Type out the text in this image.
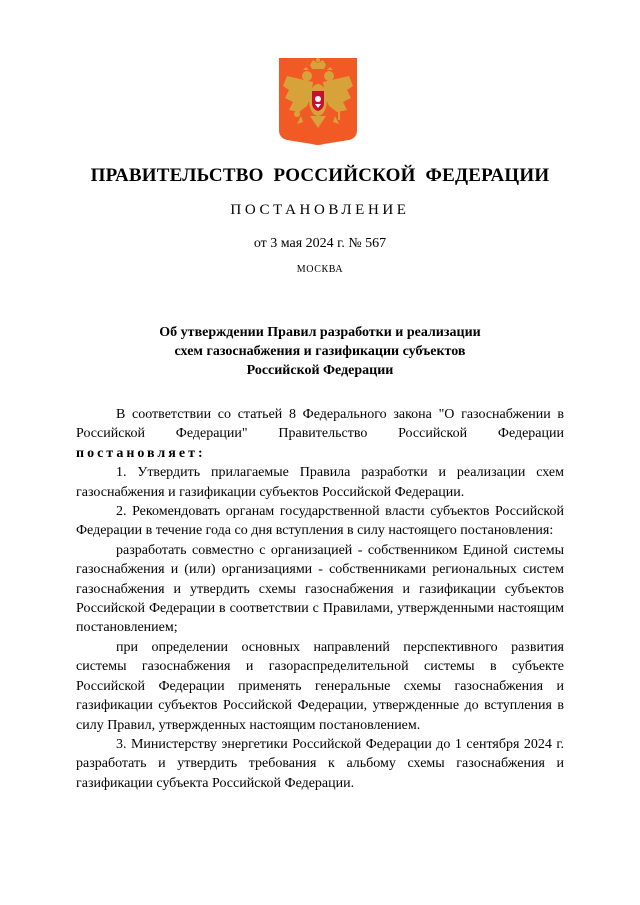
ПРАВИТЕЛЬСТВО РОССИЙСКОЙ ФЕДЕРАЦИИ
ПОСТАНОВЛЕНИЕ
от 3 мая 2024 г. № 567
МОСКВА
Об утверждении Правил разработки и реализации
схем газоснабжения и газификации субъектов
Российской Федерации

В соответствии со статьей 8 Федерального закона "О газоснабжении в Российской Федерации" Правительство Российской Федерации постановляет:

1. Утвердить прилагаемые Правила разработки и реализации схем газоснабжения и газификации субъектов Российской Федерации.

2. Рекомендовать органам государственной власти субъектов Российской Федерации в течение года со дня вступления в силу настоящего постановления:

разработать совместно с организацией - собственником Единой системы газоснабжения и (или) организациями - собственниками региональных систем газоснабжения и утвердить схемы газоснабжения и газификации субъектов Российской Федерации в соответствии с Правилами, утвержденными настоящим постановлением;

при определении основных направлений перспективного развития системы газоснабжения и газораспределительной системы в субъекте Российской Федерации применять генеральные схемы газоснабжения и газификации субъектов Российской Федерации, утвержденные до вступления в силу Правил, утвержденных настоящим постановлением.

3. Министерству энергетики Российской Федерации до 1 сентября 2024 г. разработать и утвердить требования к альбому схемы газоснабжения и газификации субъекта Российской Федерации.
